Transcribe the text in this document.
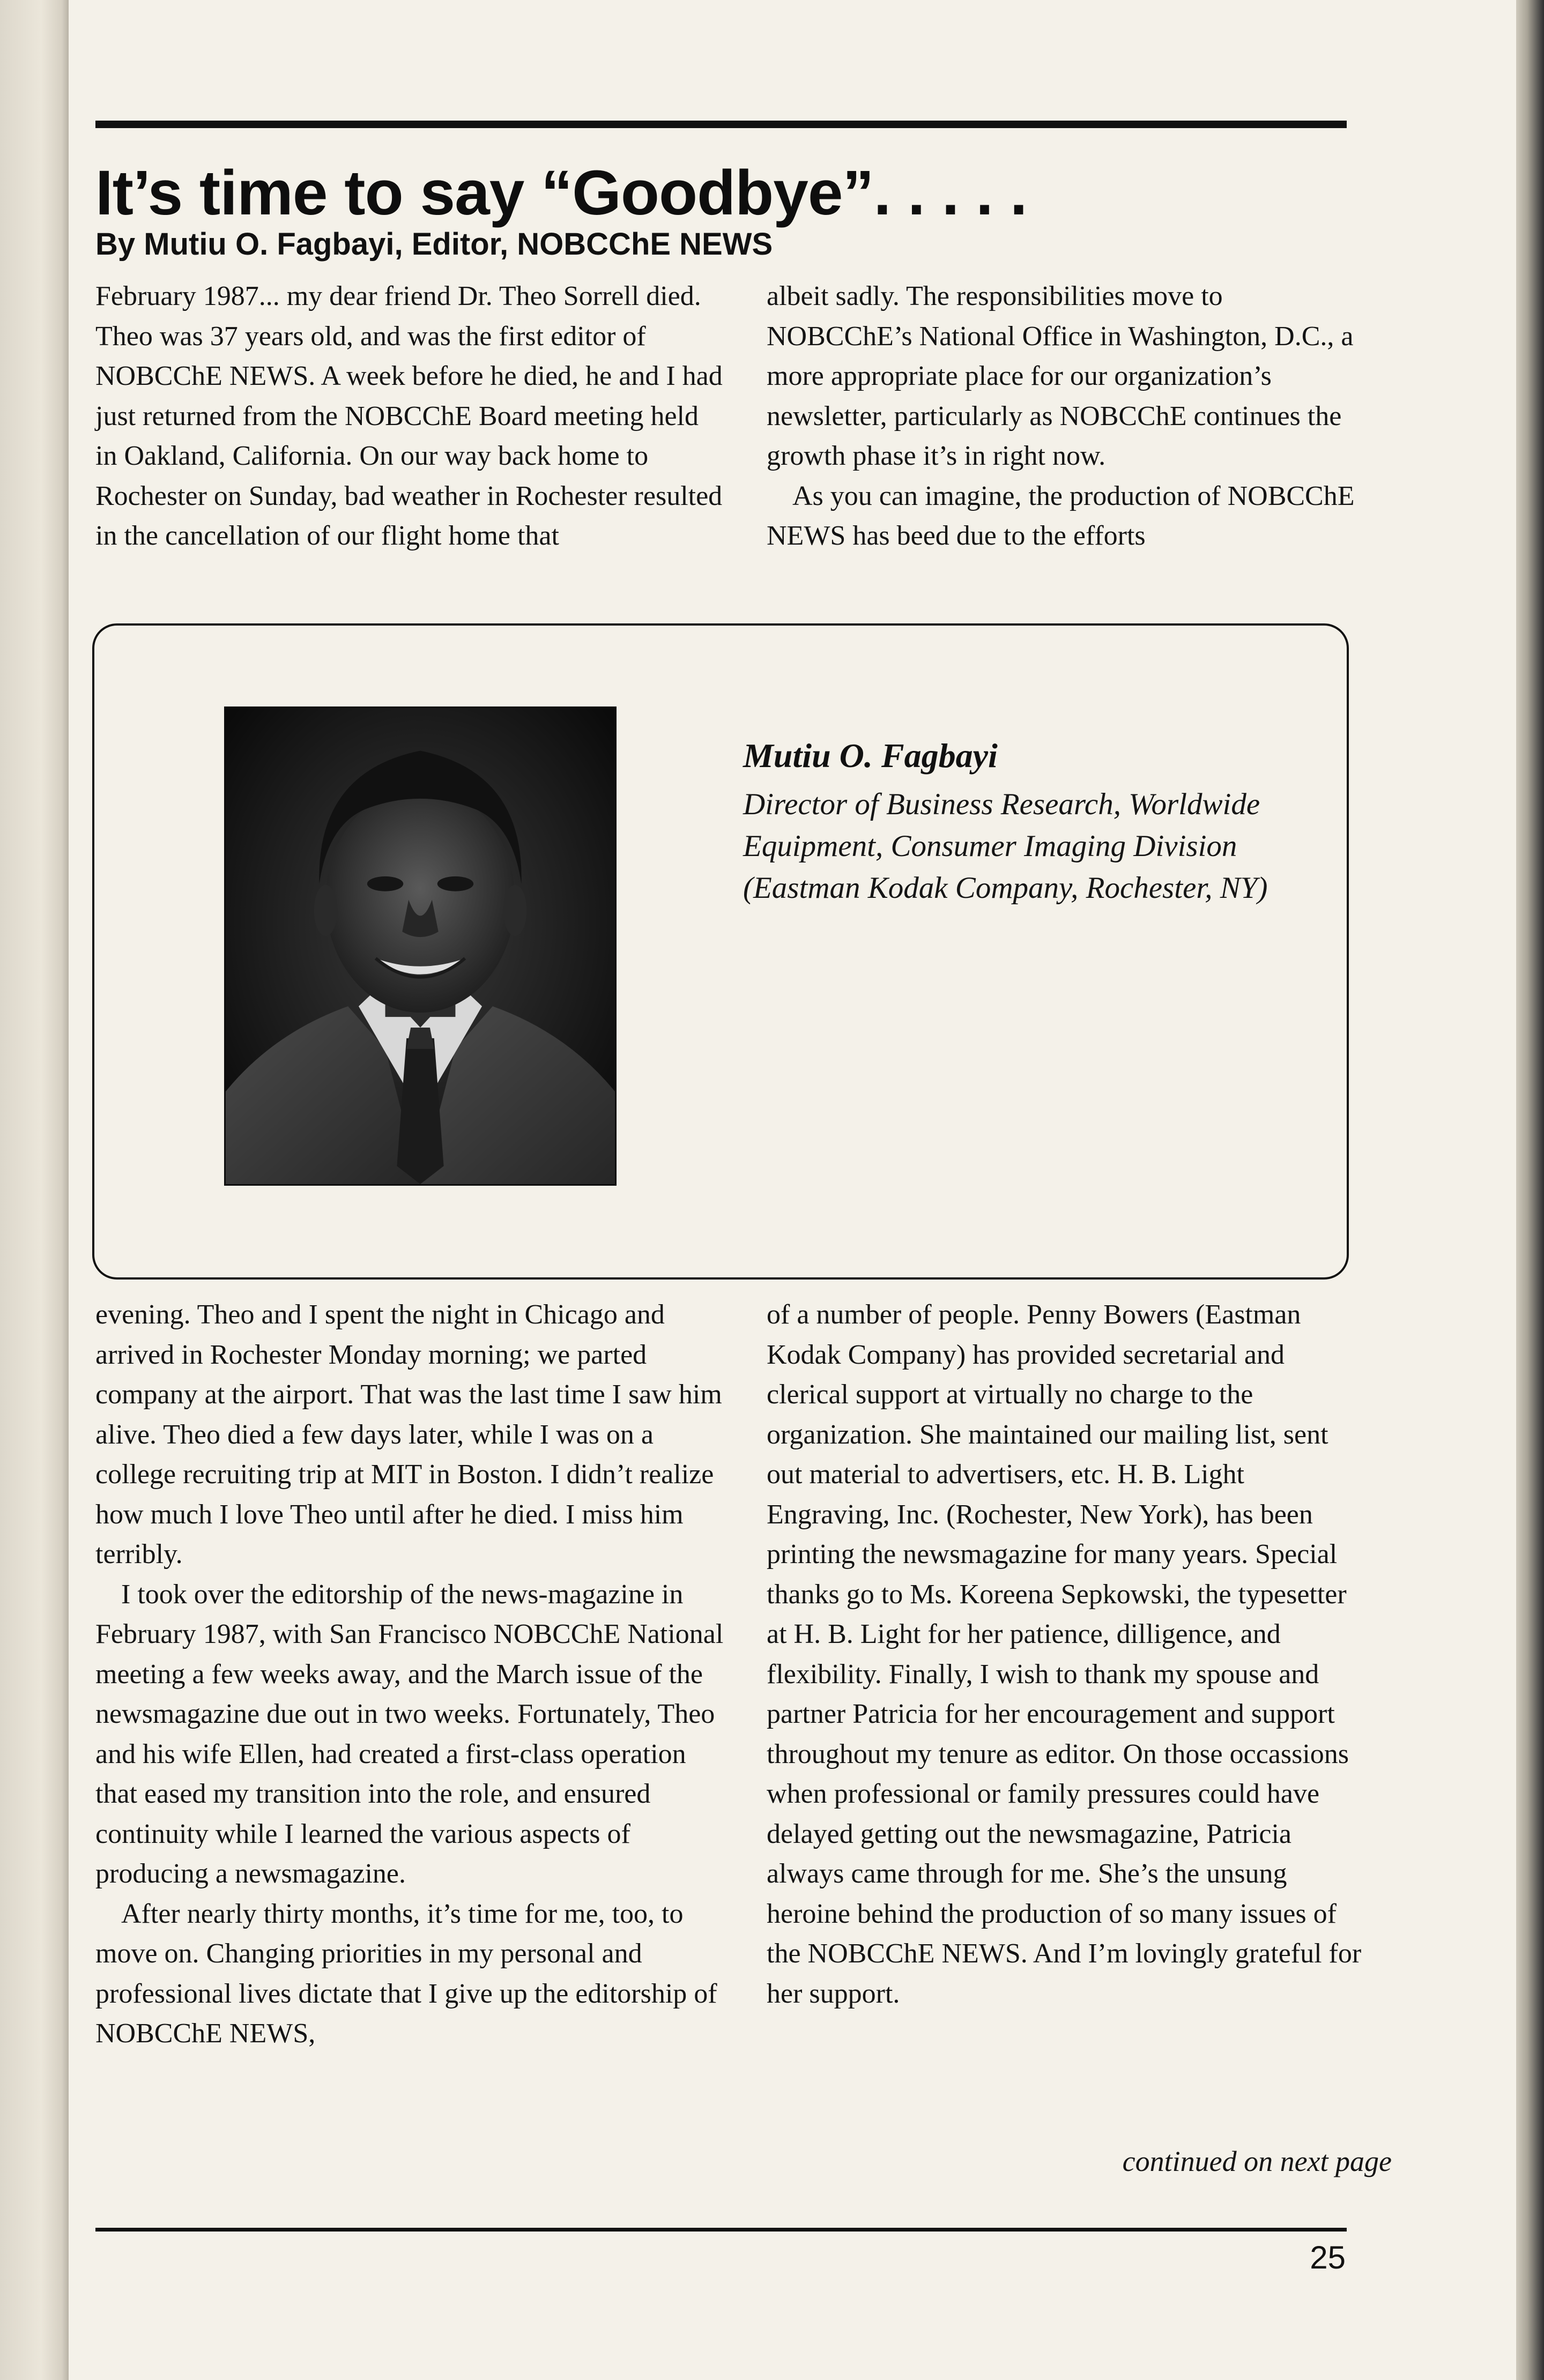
It’s time to say “Goodbye”. . . . .
By Mutiu O. Fagbayi, Editor, NOBCChE NEWS

February 1987... my dear friend Dr. Theo Sorrell died. Theo was 37 years old, and was the first editor of NOBCChE NEWS. A week before he died, he and I had just returned from the NOBCChE Board meeting held in Oakland, California. On our way back home to Rochester on Sunday, bad weather in Rochester resulted in the cancellation of our flight home that

albeit sadly. The responsibilities move to NOBCChE’s National Office in Washington, D.C., a more appropriate place for our organization’s newsletter, particularly as NOBCChE continues the growth phase it’s in right now.

As you can imagine, the production of NOBCChE NEWS has beed due to the efforts

Mutiu O. Fagbayi
Director of Business Research, Worldwide Equipment, Consumer Imaging Division (Eastman Kodak Company, Rochester, NY)

evening. Theo and I spent the night in Chicago and arrived in Rochester Monday morning; we parted company at the airport. That was the last time I saw him alive. Theo died a few days later, while I was on a college recruiting trip at MIT in Boston. I didn’t realize how much I love Theo until after he died. I miss him terribly.

I took over the editorship of the news-magazine in February 1987, with San Francisco NOBCChE National meeting a few weeks away, and the March issue of the newsmagazine due out in two weeks. Fortunately, Theo and his wife Ellen, had created a first-class operation that eased my transition into the role, and ensured continuity while I learned the various aspects of producing a newsmagazine.

After nearly thirty months, it’s time for me, too, to move on. Changing priorities in my personal and professional lives dictate that I give up the editorship of NOBCChE NEWS,

of a number of people. Penny Bowers (Eastman Kodak Company) has provided secretarial and clerical support at virtually no charge to the organization. She maintained our mailing list, sent out material to advertisers, etc. H. B. Light Engraving, Inc. (Rochester, New York), has been printing the newsmagazine for many years. Special thanks go to Ms. Koreena Sepkowski, the typesetter at H. B. Light for her patience, dilligence, and flexibility. Finally, I wish to thank my spouse and partner Patricia for her encouragement and support throughout my tenure as editor. On those occassions when professional or family pressures could have delayed getting out the newsmagazine, Patricia always came through for me. She’s the unsung heroine behind the production of so many issues of the NOBCChE NEWS. And I’m lovingly grateful for her support.

continued on next page
25
